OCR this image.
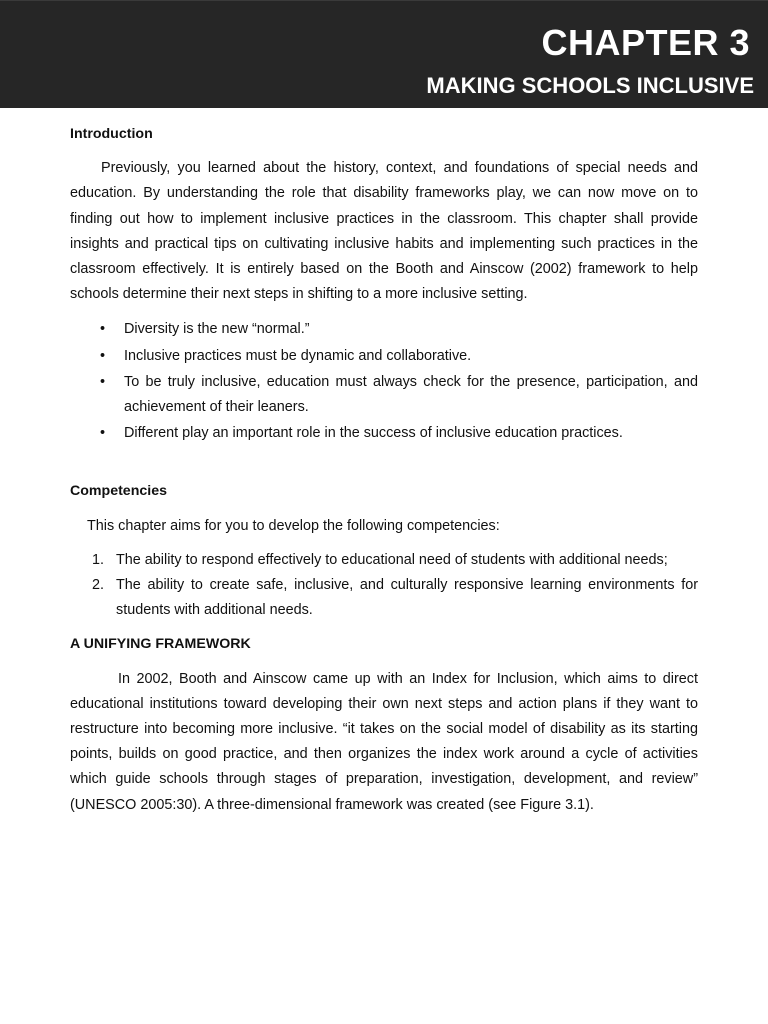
CHAPTER 3
MAKING SCHOOLS INCLUSIVE
Introduction

Previously, you learned about the history, context, and foundations of special needs and education. By understanding the role that disability frameworks play, we can now move on to finding out how to implement inclusive practices in the classroom. This chapter shall provide insights and practical tips on cultivating inclusive habits and implementing such practices in the classroom effectively. It is entirely based on the Booth and Ainscow (2002) framework to help schools determine their next steps in shifting to a more inclusive setting.

• Diversity is the new “normal.”
• Inclusive practices must be dynamic and collaborative.
• To be truly inclusive, education must always check for the presence, participation, and achievement of their leaners.
• Different play an important role in the success of inclusive education practices.
Competencies

This chapter aims for you to develop the following competencies:

1. The ability to respond effectively to educational need of students with additional needs;
2. The ability to create safe, inclusive, and culturally responsive learning environments for students with additional needs.
A UNIFYING FRAMEWORK

In 2002, Booth and Ainscow came up with an Index for Inclusion, which aims to direct educational institutions toward developing their own next steps and action plans if they want to restructure into becoming more inclusive. “it takes on the social model of disability as its starting points, builds on good practice, and then organizes the index work around a cycle of activities which guide schools through stages of preparation, investigation, development, and review” (UNESCO 2005:30). A three-dimensional framework was created (see Figure 3.1).
